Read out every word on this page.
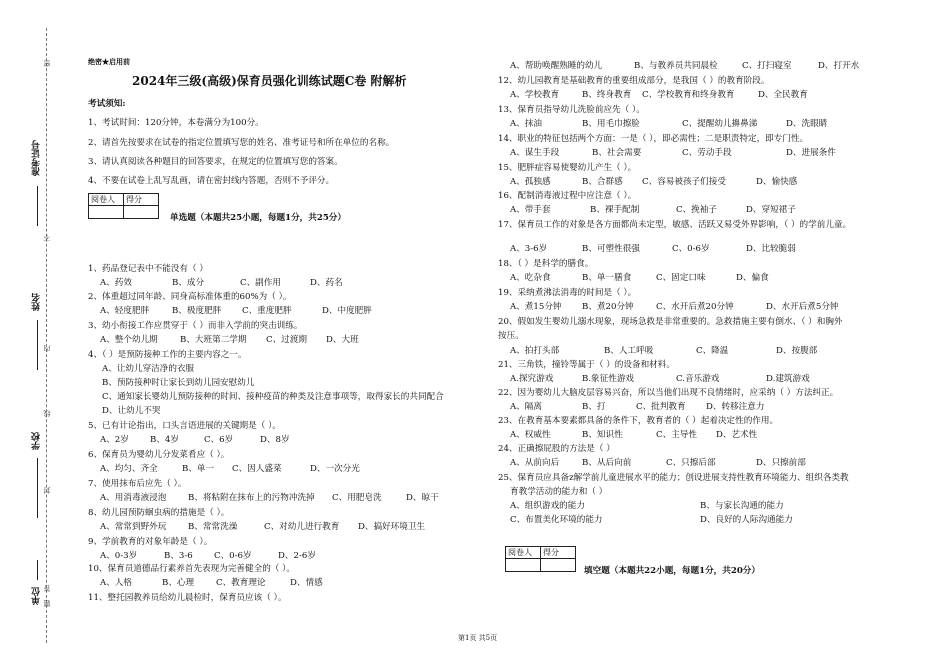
准考证号
姓名
学校
单位
密
不
内
线
封
答
题
绝密★启用前
2024年三级(高级)保育员强化训练试题C卷 附解析
考试须知:
1、考试时间：120分钟，本卷满分为100分。
2、请首先按要求在试卷的指定位置填写您的姓名、准考证号和所在单位的名称。
3、请认真阅读各种题目的回答要求，在规定的位置填写您的答案。
4、不要在试卷上乱写乱画，请在密封线内答题，否则不予评分。
阅卷人	得分

单选题（本题共25小题，每题1分，共25分）
1、药品登记表中不能没有（ ）
A、药效	B、成分	C、副作用	D、药名
2、体重超过同年龄、同身高标准体重的60%为（ ）。
A、轻度肥胖	B、极度肥胖 C、重度肥胖	D、中度肥胖
3、幼小衔接工作应贯穿于（ ）而非入学前的突击训练。
A、整个幼儿期	B、大班第二学期 C、过渡期 D、大班
4、（ ）是预防接种工作的主要内容之一。
A、让幼儿穿洁净的衣服
B、预防接种时让家长到幼儿园安慰幼儿
C、通知家长婴幼儿预防接种的时间、接种疫苗的种类及注意事项等，取得家长的共同配合
D、让幼儿不哭
5、已有计论指出，口头言语进展的关键期是（ ）。
A、2岁 B、4岁	C、6岁	D、8岁
6、保育员为婴幼儿分发菜肴应（ ）。
A、均匀、齐全	B、单一 C、因人盛菜	D、一次分光
7、使用抹布后应先（ ）。
A、用消毒液浸泡	B、将粘附在抹布上的污物冲洗掉 C、用肥皂洗	D、晾干
8、幼儿园预防蛔虫病的措施是（ ）。
A、常常到野外玩	B、常常洗澡	C、对幼儿进行教育 D、搞好环境卫生
9、学前教育的对象年龄是（ ）。
A、0-3岁	B、3-6 C、0-6岁	D、2-6岁
10、保育员道德品行素养首先表现为完善健全的（ ）。
A、人格	B、心理	C、教育理论	D、情感
11、整托园教养员给幼儿晨检时，保育员应该（ ）。
A、帮助唤醒熟睡的幼儿	B、与教养员共同晨检	C、打扫寝室	D、打开水
12、幼儿园教育是基础教育的重要组成部分，是我国（ ）的教育阶段。
A、学校教育	B、终身教育 C、学校教育和终身教育	D、全民教育
13、保育员指导幼儿洗脸前应先（ ）。
A、抹油	B、用毛巾擦脸	C、提醒幼儿擤鼻涕	D、洗眼睛
14、职业的特征包括两个方面：一是（ ），即必需性；二是职责特定，即专门性。
A、谋生手段	B、社会需要	C、劳动手段	D、进展条件
15、肥胖症容易使婴幼儿产生（ ）。
A、孤独感	B、合群感 C、容易被孩子们接受	D、愉快感
16、配制消毒液过程中应注意（ ）。
A、带手套	B、裸手配制	C、挽袖子	D、穿短裙子
17、保育员工作的对象是各方面都尚未定型，敏感、活跃又易受外界影响，（ ）的学前儿童。
A、3-6岁	B、可塑性很强	C、0-6岁	D、比较脆弱
18、（ ）是科学的膳食。
A、吃杂食	B、单一膳食	C、固定口味	D、偏食
19、采纳煮沸法消毒的时间是（ ）。
A、煮15分钟 B、煮20分钟	C、水开后煮20分钟	D、水开后煮5分钟
20、假如发生婴幼儿溺水现象，现场急救是非常重要的。急救措施主要有倒水、（ ）和胸外
按压。
A、拍打头部	B、人工呼吸	C、降温	D、按腹部
21、三角铁，撞铃等属于（ ）的设备和材料。
A.探究游戏	B.象征性游戏	C.音乐游戏	D.建筑游戏
22、因为婴幼儿大脑皮层容易兴奋，所以当他们出现不良情绪时，应采纳（ ）方法纠正。
A、隔离	B、打	C、批判教育 D、转移注意力
23、在教育基本要素都具备的条件下，教育者的（ ）起着决定性的作用。
A、权威性	B、知识性	C、主导性 D、艺术性
24、正确擦屁股的方法是（ ）
A、从前向后	B、从后向前	C、只擦后部	D、只擦前部
25、保育员应具备z解学前儿童进展水平的能力；创设进展支持性教育环境能力、组织各类教
育教学活动的能力和（ ）
A、组织游戏的能力	B、与家长沟通的能力
C、布置美化环境的能力	D、良好的人际沟通能力
阅卷人	得分

填空题（本题共22小题，每题1分，共20分）
第1页 共5页
